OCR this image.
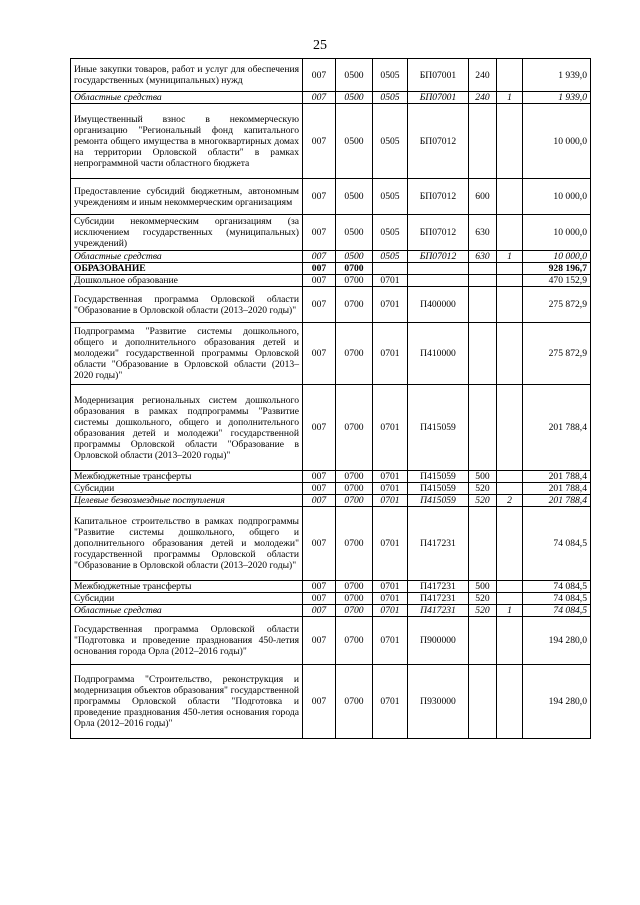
25
Иные закупки товаров, работ и услуг для обеспечения государственных (муниципальных) нужд	007	0500	0505	БП07001	240		1 939,0
Областные средства	007	0500	0505	БП07001	240	1	1 939,0
Имущественный взнос в некоммерческую организацию "Региональный фонд капитального ремонта общего имущества в многоквартирных домах на территории Орловской области" в рамках непрограммной части областного бюджета	007	0500	0505	БП07012			10 000,0
Предоставление субсидий бюджетным, автономным учреждениям и иным некоммерческим организациям	007	0500	0505	БП07012	600		10 000,0
Субсидии некоммерческим организациям (за исключением государственных (муниципальных) учреждений)	007	0500	0505	БП07012	630		10 000,0
Областные средства	007	0500	0505	БП07012	630	1	10 000,0
ОБРАЗОВАНИЕ	007	0700					928 196,7
Дошкольное образование	007	0700	0701				470 152,9
Государственная программа Орловской области "Образование в Орловской области (2013–2020 годы)"	007	0700	0701	П400000			275 872,9
Подпрограмма "Развитие системы дошкольного, общего и дополнительного образования детей и молодежи" государственной программы Орловской области "Образование в Орловской области (2013–2020 годы)"	007	0700	0701	П410000			275 872,9
Модернизация региональных систем дошкольного образования в рамках подпрограммы "Развитие системы дошкольного, общего и дополнительного образования детей и молодежи" государственной программы Орловской области "Образование в Орловской области (2013–2020 годы)"	007	0700	0701	П415059			201 788,4
Межбюджетные трансферты	007	0700	0701	П415059	500		201 788,4
Субсидии	007	0700	0701	П415059	520		201 788,4
Целевые безвозмездные поступления	007	0700	0701	П415059	520	2	201 788,4
Капитальное строительство в рамках подпрограммы "Развитие системы дошкольного, общего и дополнительного образования детей и молодежи" государственной программы Орловской области "Образование в Орловской области (2013–2020 годы)"	007	0700	0701	П417231			74 084,5
Межбюджетные трансферты	007	0700	0701	П417231	500		74 084,5
Субсидии	007	0700	0701	П417231	520		74 084,5
Областные средства	007	0700	0701	П417231	520	1	74 084,5
Государственная программа Орловской области "Подготовка и проведение празднования 450-летия основания города Орла (2012–2016 годы)"	007	0700	0701	П900000			194 280,0
Подпрограмма "Строительство, реконструкция и модернизация объектов образования" государственной программы Орловской области "Подготовка и проведение празднования 450-летия основания города Орла (2012–2016 годы)"	007	0700	0701	П930000			194 280,0
